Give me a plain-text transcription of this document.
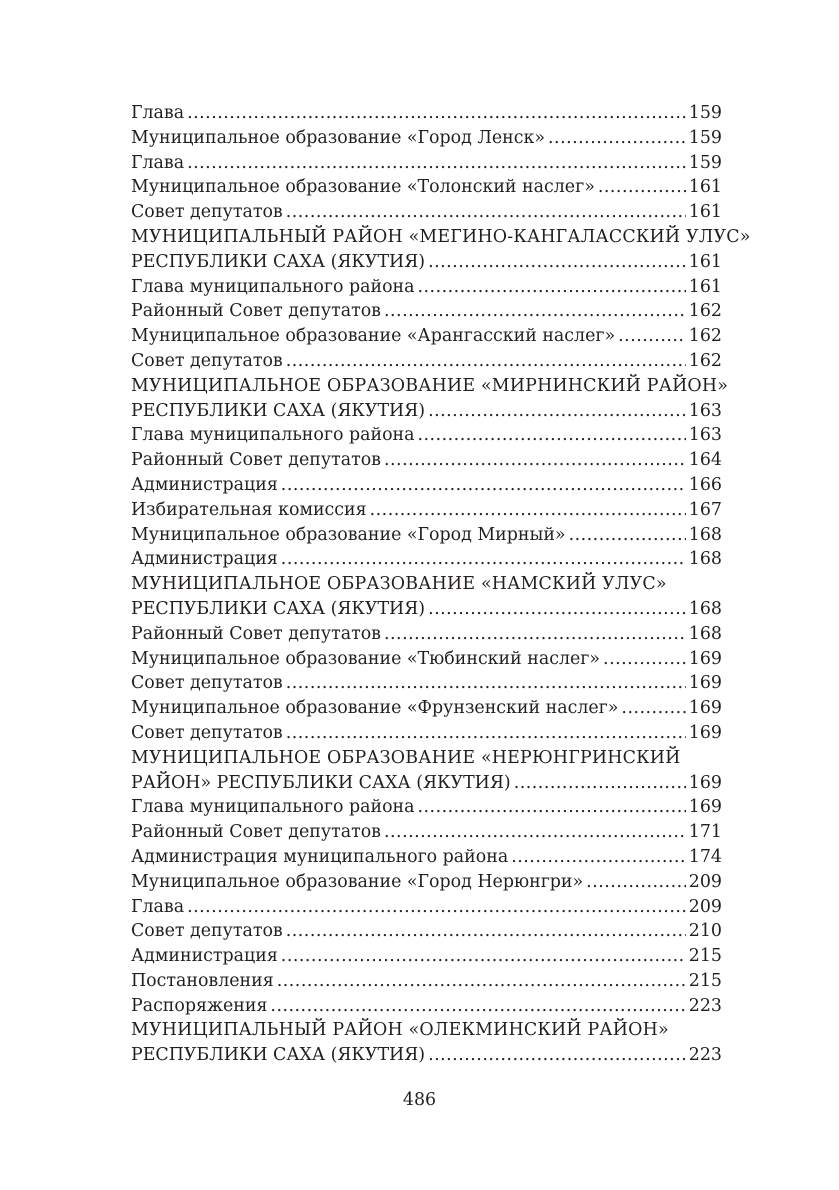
Глава .....	159
Муниципальное образование «Город Ленск» .....	159
Глава .....	159
Муниципальное образование «Толонский наслег» .....	161
Совет депутатов .....	161
МУНИЦИПАЛЬНЫЙ РАЙОН «МЕГИНО-КАНГАЛАССКИЙ УЛУС»
РЕСПУБЛИКИ САХА (ЯКУТИЯ) .....	161
Глава муниципального района .....	161
Районный Совет депутатов .....	162
Муниципальное образование «Арангасский наслег» .....	162
Совет депутатов .....	162
МУНИЦИПАЛЬНОЕ ОБРАЗОВАНИЕ «МИРНИНСКИЙ РАЙОН»
РЕСПУБЛИКИ САХА (ЯКУТИЯ) .....	163
Глава муниципального района .....	163
Районный Совет депутатов .....	164
Администрация .....	166
Избирательная комиссия .....	167
Муниципальное образование «Город Мирный» .....	168
Администрация .....	168
МУНИЦИПАЛЬНОЕ ОБРАЗОВАНИЕ «НАМСКИЙ УЛУС»
РЕСПУБЛИКИ САХА (ЯКУТИЯ) .....	168
Районный Совет депутатов .....	168
Муниципальное образование «Тюбинский наслег» .....	169
Совет депутатов .....	169
Муниципальное образование «Фрунзенский наслег» .....	169
Совет депутатов .....	169
МУНИЦИПАЛЬНОЕ ОБРАЗОВАНИЕ «НЕРЮНГРИНСКИЙ
РАЙОН» РЕСПУБЛИКИ САХА (ЯКУТИЯ) .....	169
Глава муниципального района .....	169
Районный Совет депутатов .....	171
Администрация муниципального района .....	174
Муниципальное образование «Город Нерюнгри» .....	209
Глава .....	209
Совет депутатов .....	210
Администрация .....	215
Постановления .....	215
Распоряжения .....	223
МУНИЦИПАЛЬНЫЙ РАЙОН «ОЛЕКМИНСКИЙ РАЙОН»
РЕСПУБЛИКИ САХА (ЯКУТИЯ) .....	223
486
